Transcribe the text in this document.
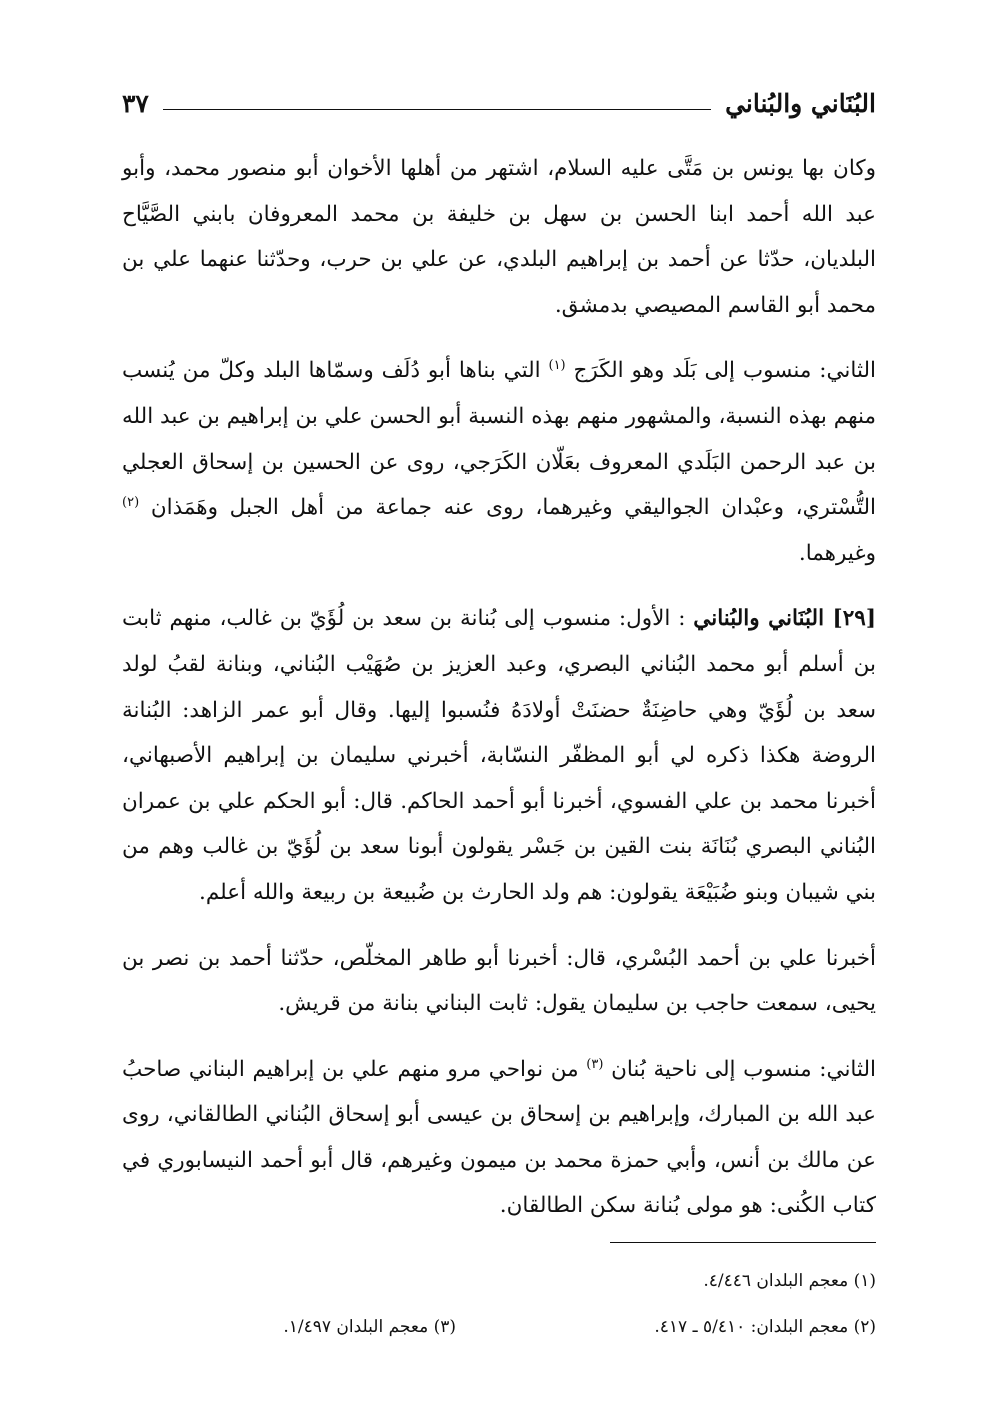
البُنَاني والبُناني
٣٧

وكان بها يونس بن مَتَّى عليه السلام، اشتهر من أهلها الأخوان أبو منصور محمد، وأبو عبد الله أحمد ابنا الحسن بن سهل بن خليفة بن محمد المعروفان بابني الصَّيَّاح البلديان، حدّثا عن أحمد بن إبراهيم البلدي، عن علي بن حرب، وحدّثنا عنهما علي بن محمد أبو القاسم المصيصي بدمشق.

الثاني: منسوب إلى بَلَد وهو الكَرَج $^{(١)}$ التي بناها أبو دُلَف وسمّاها البلد وكلّ من يُنسب منهم بهذه النسبة، والمشهور منهم بهذه النسبة أبو الحسن علي بن إبراهيم بن عبد الله بن عبد الرحمن البَلَدي المعروف بعَلّان الكَرَجي، روى عن الحسين بن إسحاق العجلي التُّسْتري، وعبْدان الجواليقي وغيرهما، روى عنه جماعة من أهل الجبل وهَمَذان $^{(٢)}$ وغيرهما.

[٢٩] البُنَاني والبُناني : الأول: منسوب إلى بُنانة بن سعد بن لُؤَيّ بن غالب، منهم ثابت بن أسلم أبو محمد البُناني البصري، وعبد العزيز بن صُهَيْب البُناني، وبنانة لقبُ لولد سعد بن لُؤَيّ وهي حاضِنَةٌ حضنَتْ أولادَهُ فنُسبوا إليها. وقال أبو عمر الزاهد: البُنانة الروضة هكذا ذكره لي أبو المظفّر النسّابة، أخبرني سليمان بن إبراهيم الأصبهاني، أخبرنا محمد بن علي الفسوي، أخبرنا أبو أحمد الحاكم. قال: أبو الحكم علي بن عمران البُناني البصري بُنَانَة بنت القين بن جَسْر يقولون أبونا سعد بن لُؤَيّ بن غالب وهم من بني شيبان وبنو ضُبَيْعَة يقولون: هم ولد الحارث بن ضُبيعة بن ربيعة والله أعلم.

أخبرنا علي بن أحمد البُسْري، قال: أخبرنا أبو طاهر المخلّص، حدّثنا أحمد بن نصر بن يحيى، سمعت حاجب بن سليمان يقول: ثابت البناني بنانة من قريش.

الثاني: منسوب إلى ناحية بُنان $^{(٣)}$ من نواحي مرو منهم علي بن إبراهيم البناني صاحبُ عبد الله بن المبارك، وإبراهيم بن إسحاق بن عيسى أبو إسحاق البُناني الطالقاني، روى عن مالك بن أنس، وأبي حمزة محمد بن ميمون وغيرهم، قال أبو أحمد النيسابوري في كتاب الكُنى: هو مولى بُنانة سكن الطالقان.

(١) معجم البلدان ٤/٤٤٦.
(٢) معجم البلدان: ٥/٤١٠ ـ ٤١٧.
(٣) معجم البلدان ١/٤٩٧.
